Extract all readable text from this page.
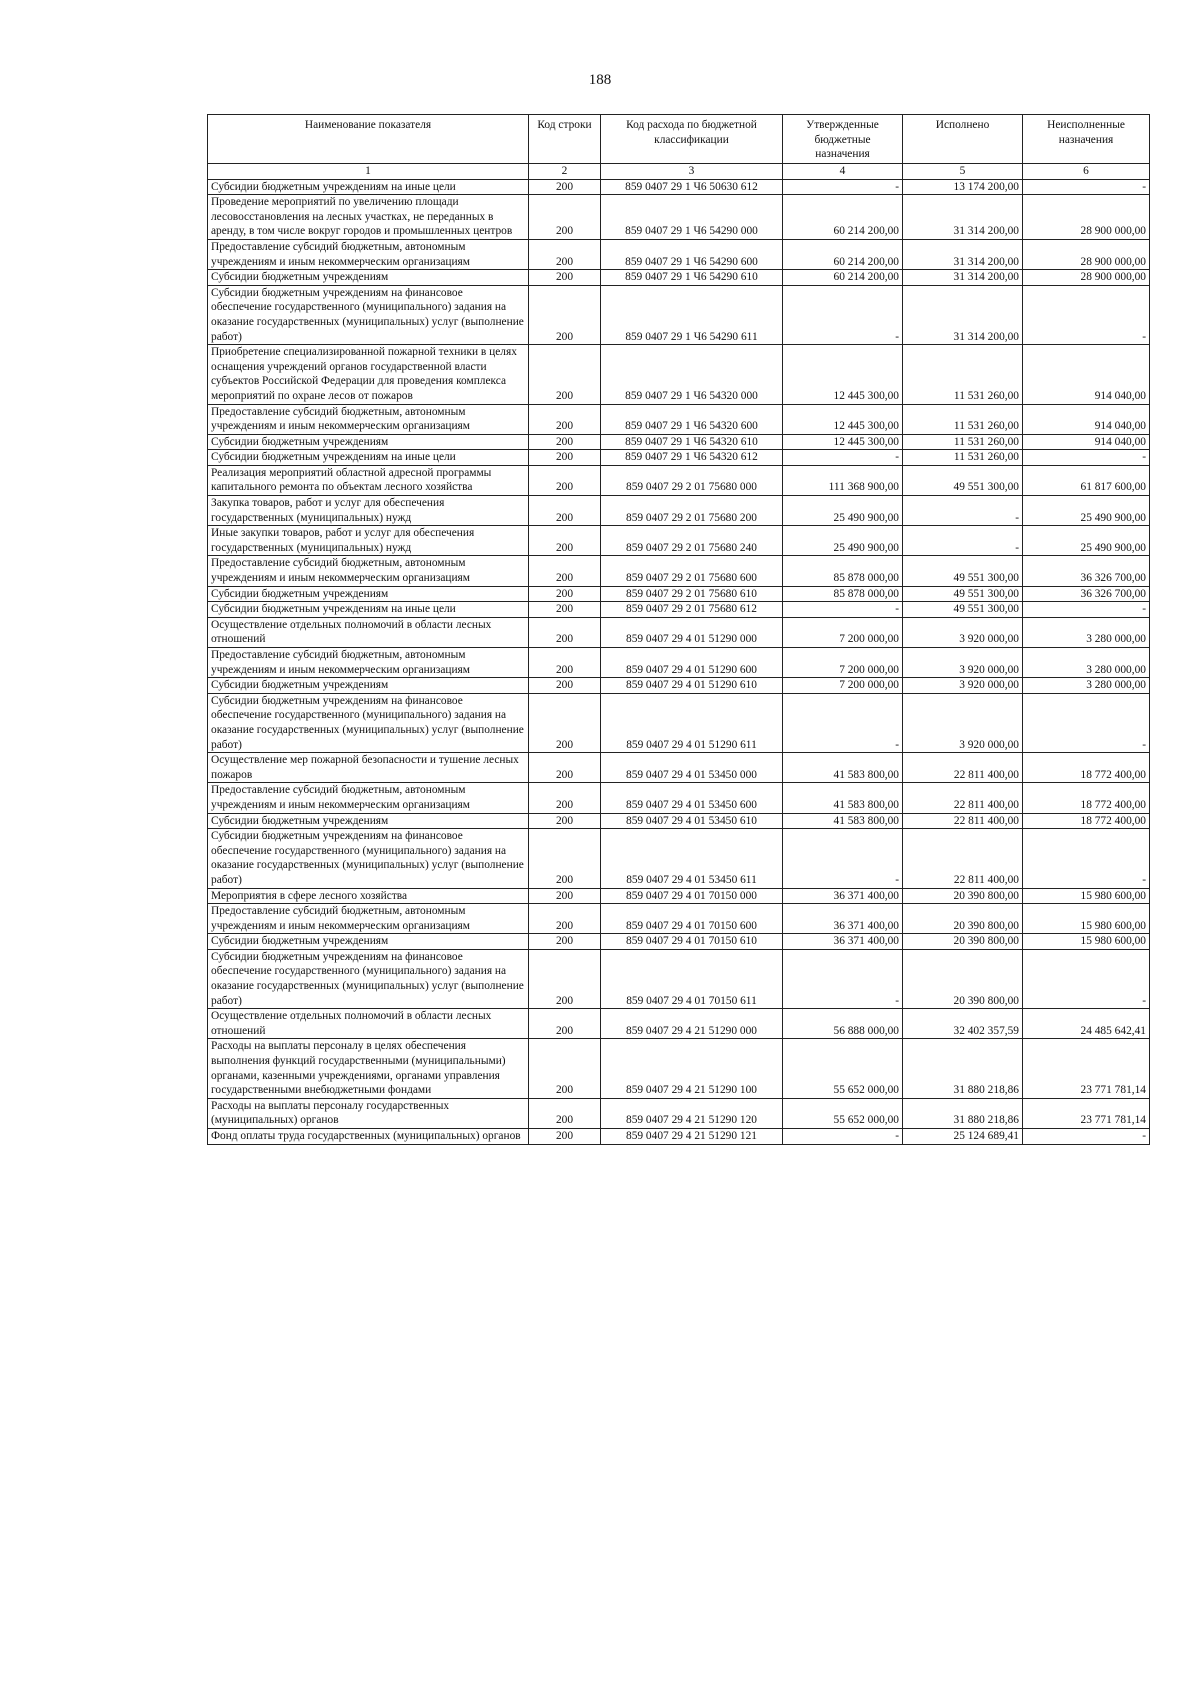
188
Наименование показателя	Код строки	Код расхода по бюджетной классификации	Утвержденные бюджетные назначения	Исполнено	Неисполненные назначения
1	2	3	4	5	6
Субсидии бюджетным учреждениям на иные цели	200	859 0407 29 1 Ч6 50630 612	-	13 174 200,00	-
Проведение мероприятий по увеличению площади лесовосстановления на лесных участках, не переданных в аренду, в том числе вокруг городов и промышленных центров	200	859 0407 29 1 Ч6 54290 000	60 214 200,00	31 314 200,00	28 900 000,00
Предоставление субсидий бюджетным, автономным учреждениям и иным некоммерческим организациям	200	859 0407 29 1 Ч6 54290 600	60 214 200,00	31 314 200,00	28 900 000,00
Субсидии бюджетным учреждениям	200	859 0407 29 1 Ч6 54290 610	60 214 200,00	31 314 200,00	28 900 000,00
Субсидии бюджетным учреждениям на финансовое обеспечение государственного (муниципального) задания на оказание государственных (муниципальных) услуг (выполнение работ)	200	859 0407 29 1 Ч6 54290 611	-	31 314 200,00	-
Приобретение специализированной пожарной техники в целях оснащения учреждений органов государственной власти субъектов Российской Федерации для проведения комплекса мероприятий по охране лесов от пожаров	200	859 0407 29 1 Ч6 54320 000	12 445 300,00	11 531 260,00	914 040,00
Предоставление субсидий бюджетным, автономным учреждениям и иным некоммерческим организациям	200	859 0407 29 1 Ч6 54320 600	12 445 300,00	11 531 260,00	914 040,00
Субсидии бюджетным учреждениям	200	859 0407 29 1 Ч6 54320 610	12 445 300,00	11 531 260,00	914 040,00
Субсидии бюджетным учреждениям на иные цели	200	859 0407 29 1 Ч6 54320 612	-	11 531 260,00	-
Реализация мероприятий областной адресной программы капитального ремонта по объектам лесного хозяйства	200	859 0407 29 2 01 75680 000	111 368 900,00	49 551 300,00	61 817 600,00
Закупка товаров, работ и услуг для обеспечения государственных (муниципальных) нужд	200	859 0407 29 2 01 75680 200	25 490 900,00	-	25 490 900,00
Иные закупки товаров, работ и услуг для обеспечения государственных (муниципальных) нужд	200	859 0407 29 2 01 75680 240	25 490 900,00	-	25 490 900,00
Предоставление субсидий бюджетным, автономным учреждениям и иным некоммерческим организациям	200	859 0407 29 2 01 75680 600	85 878 000,00	49 551 300,00	36 326 700,00
Субсидии бюджетным учреждениям	200	859 0407 29 2 01 75680 610	85 878 000,00	49 551 300,00	36 326 700,00
Субсидии бюджетным учреждениям на иные цели	200	859 0407 29 2 01 75680 612	-	49 551 300,00	-
Осуществление отдельных полномочий в области лесных отношений	200	859 0407 29 4 01 51290 000	7 200 000,00	3 920 000,00	3 280 000,00
Предоставление субсидий бюджетным, автономным учреждениям и иным некоммерческим организациям	200	859 0407 29 4 01 51290 600	7 200 000,00	3 920 000,00	3 280 000,00
Субсидии бюджетным учреждениям	200	859 0407 29 4 01 51290 610	7 200 000,00	3 920 000,00	3 280 000,00
Субсидии бюджетным учреждениям на финансовое обеспечение государственного (муниципального) задания на оказание государственных (муниципальных) услуг (выполнение работ)	200	859 0407 29 4 01 51290 611	-	3 920 000,00	-
Осуществление мер пожарной безопасности и тушение лесных пожаров	200	859 0407 29 4 01 53450 000	41 583 800,00	22 811 400,00	18 772 400,00
Предоставление субсидий бюджетным, автономным учреждениям и иным некоммерческим организациям	200	859 0407 29 4 01 53450 600	41 583 800,00	22 811 400,00	18 772 400,00
Субсидии бюджетным учреждениям	200	859 0407 29 4 01 53450 610	41 583 800,00	22 811 400,00	18 772 400,00
Субсидии бюджетным учреждениям на финансовое обеспечение государственного (муниципального) задания на оказание государственных (муниципальных) услуг (выполнение работ)	200	859 0407 29 4 01 53450 611	-	22 811 400,00	-
Мероприятия в сфере лесного хозяйства	200	859 0407 29 4 01 70150 000	36 371 400,00	20 390 800,00	15 980 600,00
Предоставление субсидий бюджетным, автономным учреждениям и иным некоммерческим организациям	200	859 0407 29 4 01 70150 600	36 371 400,00	20 390 800,00	15 980 600,00
Субсидии бюджетным учреждениям	200	859 0407 29 4 01 70150 610	36 371 400,00	20 390 800,00	15 980 600,00
Субсидии бюджетным учреждениям на финансовое обеспечение государственного (муниципального) задания на оказание государственных (муниципальных) услуг (выполнение работ)	200	859 0407 29 4 01 70150 611	-	20 390 800,00	-
Осуществление отдельных полномочий в области лесных отношений	200	859 0407 29 4 21 51290 000	56 888 000,00	32 402 357,59	24 485 642,41
Расходы на выплаты персоналу в целях обеспечения выполнения функций государственными (муниципальными) органами, казенными учреждениями, органами управления государственными внебюджетными фондами	200	859 0407 29 4 21 51290 100	55 652 000,00	31 880 218,86	23 771 781,14
Расходы на выплаты персоналу государственных (муниципальных) органов	200	859 0407 29 4 21 51290 120	55 652 000,00	31 880 218,86	23 771 781,14
Фонд оплаты труда государственных (муниципальных) органов	200	859 0407 29 4 21 51290 121	-	25 124 689,41	-
